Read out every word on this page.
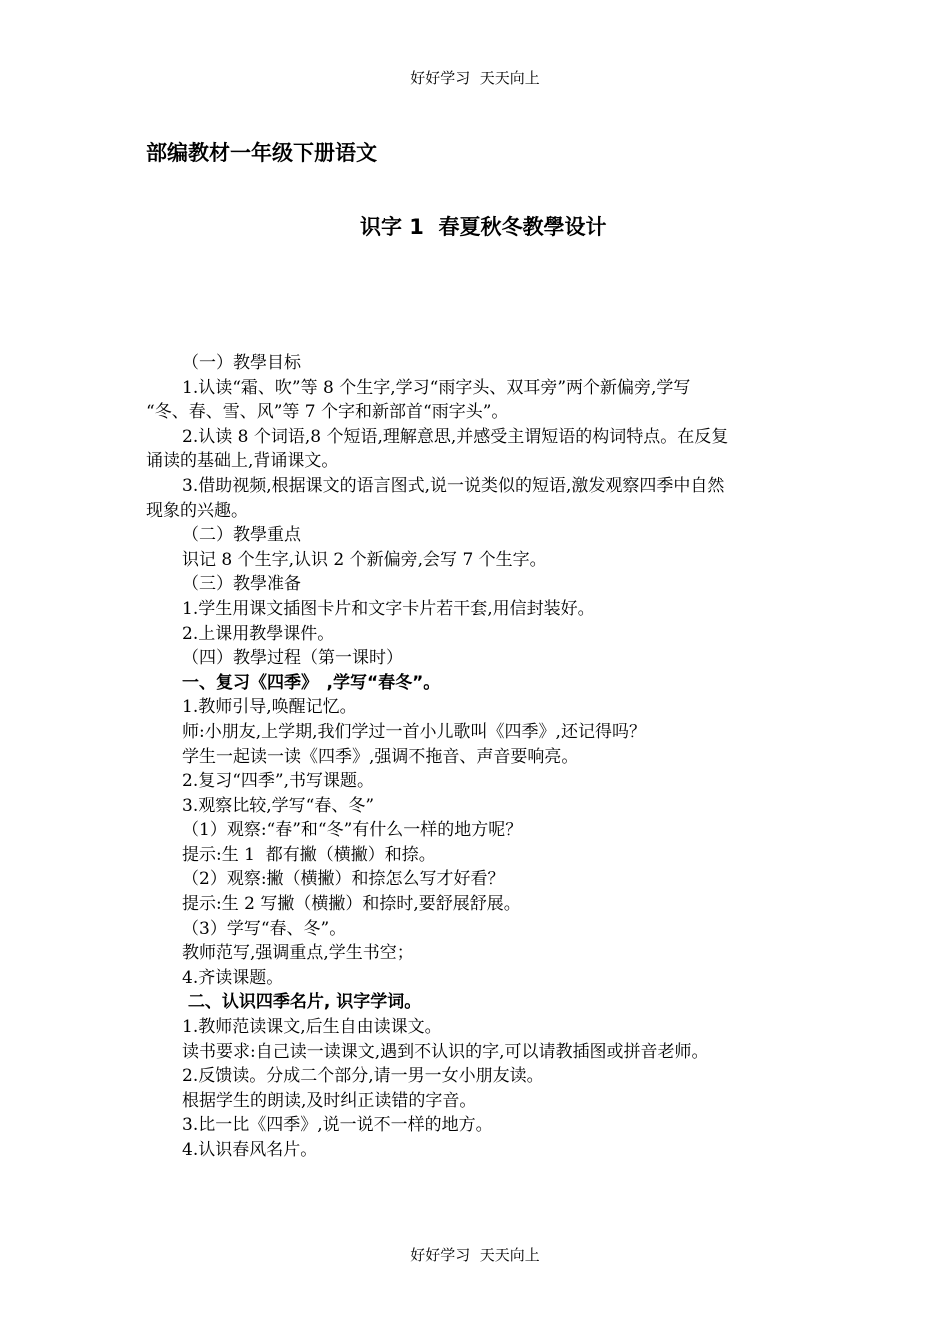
好好学习  天天向上
部编教材一年级下册语文
识字 1  春夏秋冬教學设计
（一）教學目标
1.认读“霜、吹”等 8 个生字,学习“雨字头、双耳旁”两个新偏旁,学写
“冬、春、雪、风”等 7 个字和新部首“雨字头”。
2.认读 8 个词语,8 个短语,理解意思,并感受主谓短语的构词特点。在反复
诵读的基础上,背诵课文。
3.借助视频,根据课文的语言图式,说一说类似的短语,激发观察四季中自然
现象的兴趣。
（二）教學重点
识记 8 个生字,认识 2 个新偏旁,会写 7 个生字。
（三）教學准备
1.学生用课文插图卡片和文字卡片若干套,用信封装好。
2.上课用教學课件。
（四）教學过程（第一课时）
一、复习《四季》　,学写“春冬”。
1.教师引导,唤醒记忆。
师:小朋友,上学期,我们学过一首小儿歌叫《四季》,还记得吗？
学生一起读一读《四季》,强调不拖音、声音要响亮。
2.复习“四季”,书写课题。
3.观察比较,学写“春、冬”
（1）观察:“春”和“冬”有什么一样的地方呢？
提示:生 1  都有撇（横撇）和捺。
（2）观察:撇（横撇）和捺怎么写才好看？
提示:生 2 写撇（横撇）和捺时,要舒展舒展。
（3）学写“春、冬”。
教师范写,强调重点,学生书空；
4.齐读课题。
二、认识四季名片, 识字学词。
1.教师范读课文,后生自由读课文。
读书要求:自己读一读课文,遇到不认识的字,可以请教插图或拼音老师。
2.反馈读。分成二个部分,请一男一女小朋友读。
根据学生的朗读,及时纠正读错的字音。
3.比一比《四季》,说一说不一样的地方。
4.认识春风名片。
好好学习  天天向上
